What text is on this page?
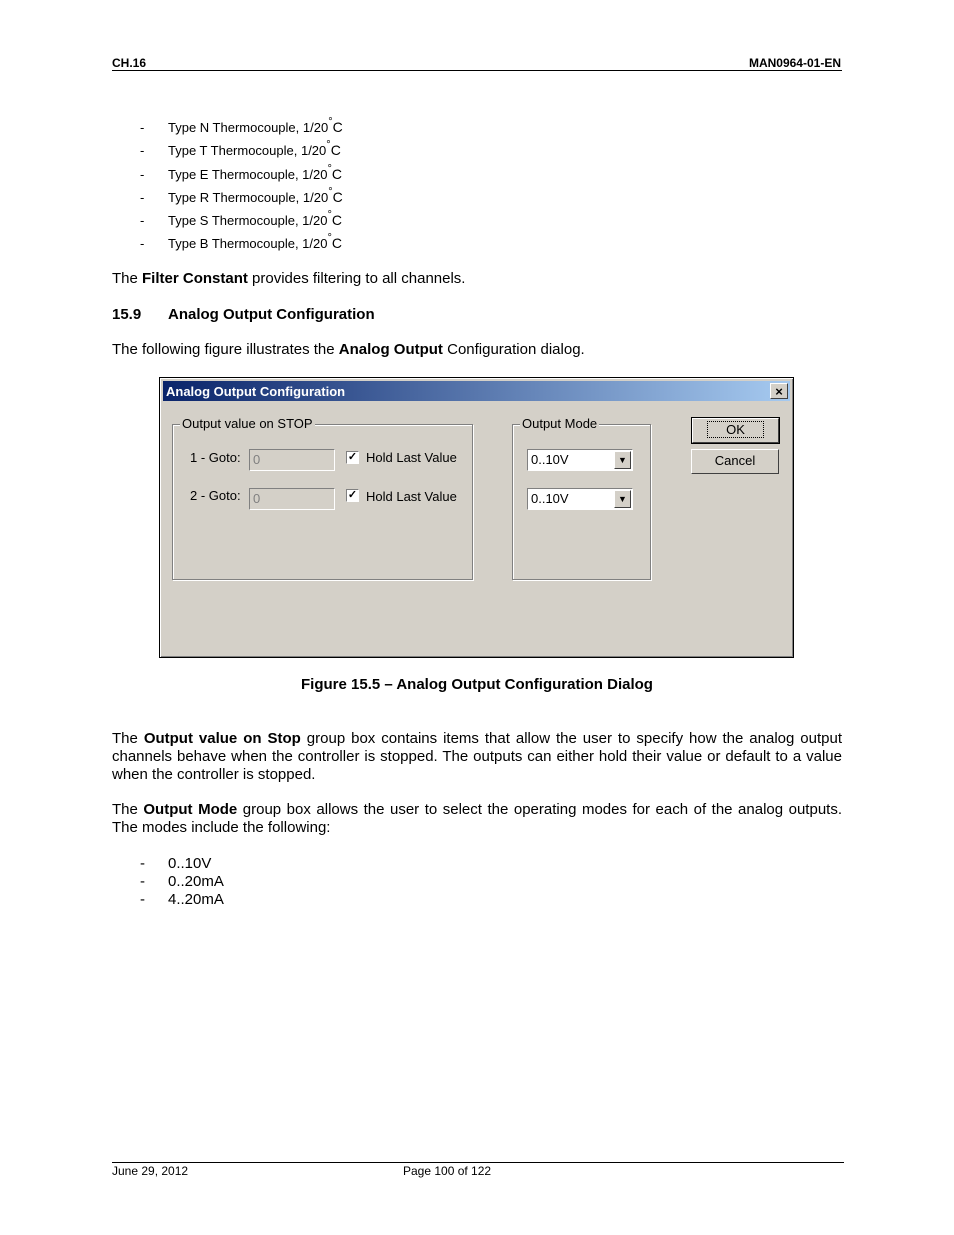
CH.16	MAN0964-01-EN
- Type N Thermocouple, 1/20°C
- Type T Thermocouple, 1/20°C
- Type E Thermocouple, 1/20°C
- Type R Thermocouple, 1/20°C
- Type S Thermocouple, 1/20°C
- Type B Thermocouple, 1/20°C

The Filter Constant provides filtering to all channels.

15.9 Analog Output Configuration

The following figure illustrates the Analog Output Configuration dialog.

Analog Output Configuration	×
Output value on STOP
1 - Goto: 0	✓ Hold Last Value
2 - Goto: 0	✓ Hold Last Value
Output Mode
0..10V	▼
0..10V	▼
OK
Cancel
Figure 15.5 – Analog Output Configuration Dialog

The Output value on Stop group box contains items that allow the user to specify how the analog output channels behave when the controller is stopped. The outputs can either hold their value or default to a value when the controller is stopped.

The Output Mode group box allows the user to select the operating modes for each of the analog outputs. The modes include the following:

- 0..10V
- 0..20mA
- 4..20mA
June 29, 2012	Page 100 of 122
